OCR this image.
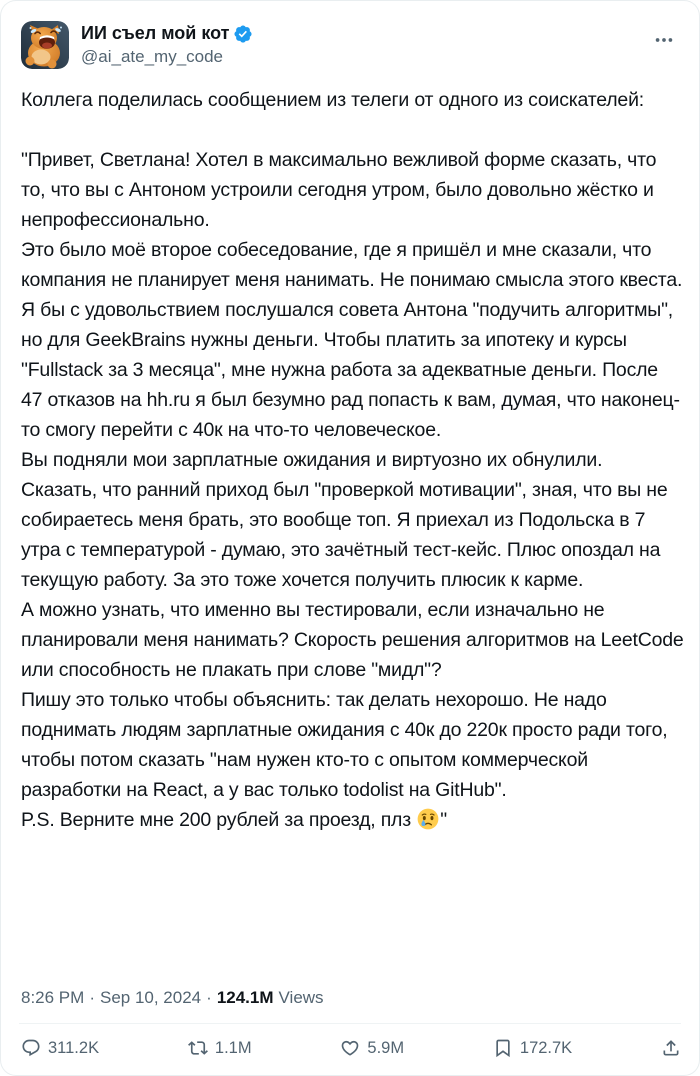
ИИ съел мой кот
@ai_ate_my_code
Коллега поделилась сообщением из телеги от одного из соискателей:

"Привет, Светлана! Хотел в максимально вежливой форме сказать, что то, что вы с Антоном устроили сегодня утром, было довольно жёстко и непрофессионально.
Это было моё второе собеседование, где я пришёл и мне сказали, что компания не планирует меня нанимать. Не понимаю смысла этого квеста.
Я бы с удовольствием послушался совета Антона "подучить алгоритмы", но для GeekBrains нужны деньги. Чтобы платить за ипотеку и курсы "Fullstack за 3 месяца", мне нужна работа за адекватные деньги. После 47 отказов на hh.ru я был безумно рад попасть к вам, думая, что наконец-то смогу перейти с 40к на что-то человеческое.
Вы подняли мои зарплатные ожидания и виртуозно их обнулили.
Сказать, что ранний приход был "проверкой мотивации", зная, что вы не собираетесь меня брать, это вообще топ. Я приехал из Подольска в 7 утра с температурой - думаю, это зачётный тест-кейс. Плюс опоздал на текущую работу. За это тоже хочется получить плюсик к карме.
А можно узнать, что именно вы тестировали, если изначально не планировали меня нанимать? Скорость решения алгоритмов на LeetCode или способность не плакать при слове "мидл"?
Пишу это только чтобы объяснить: так делать нехорошо. Не надо поднимать людям зарплатные ожидания с 40к до 220к просто ради того, чтобы потом сказать "нам нужен кто-то с опытом коммерческой разработки на React, а у вас только todolist на GitHub".
P.S. Верните мне 200 рублей за проезд, плз "
8:26 PM · Sep 10, 2024 · 124.1M Views
311.2K	1.1M	5.9M	172.7K
